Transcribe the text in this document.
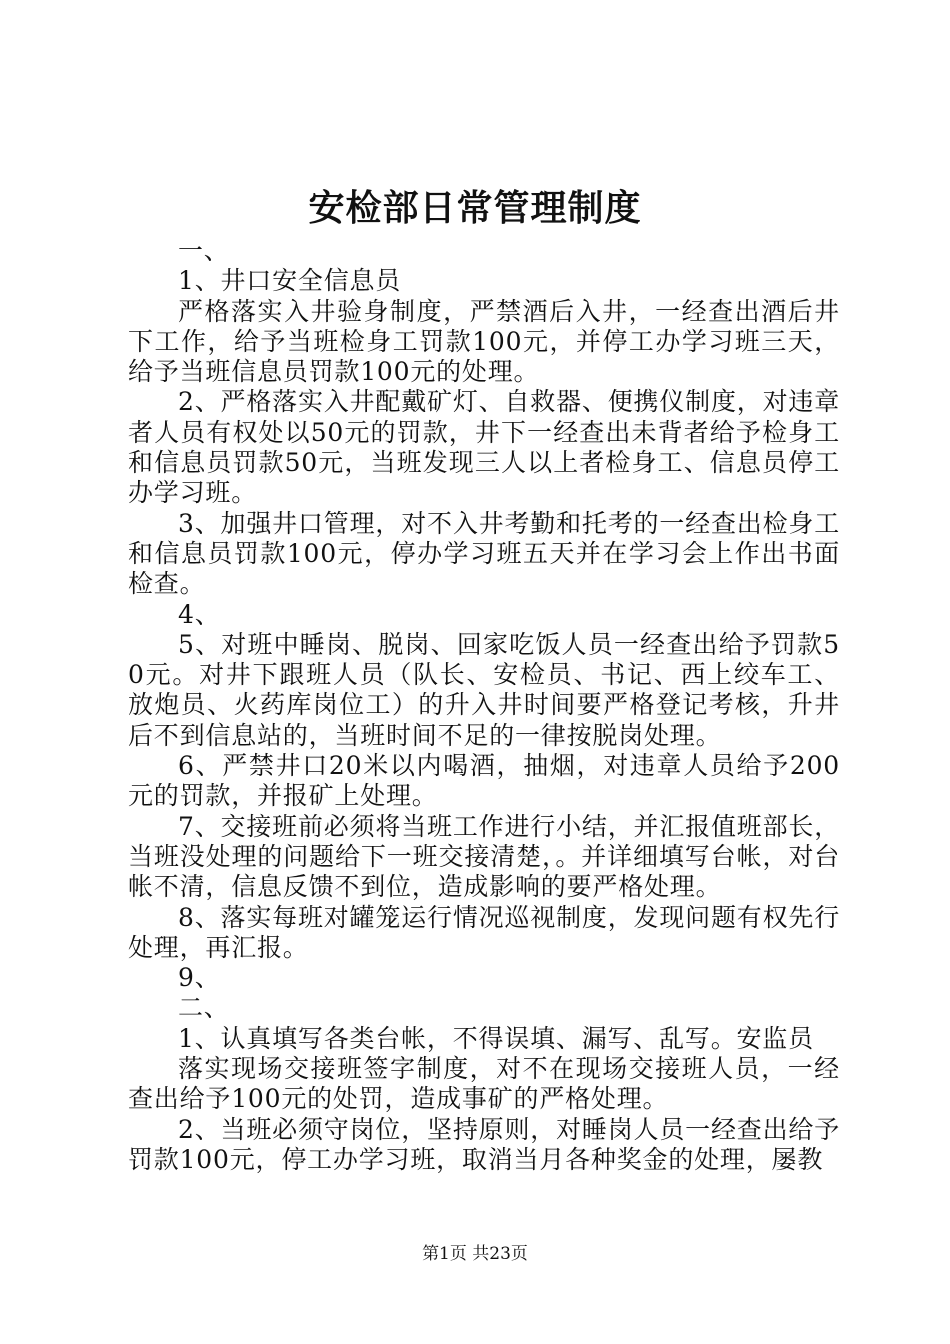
安检部日常管理制度

一、

1、井口安全信息员

严格落实入井验身制度，严禁酒后入井，一经查出酒后井下工作，给予当班检身工罚款100元，并停工办学习班三天，给予当班信息员罚款100元的处理。

2、严格落实入井配戴矿灯、自救器、便携仪制度，对违章者人员有权处以50元的罚款，井下一经查出未背者给予检身工和信息员罚款50元，当班发现三人以上者检身工、信息员停工办学习班。

3、加强井口管理，对不入井考勤和托考的一经查出检身工和信息员罚款100元，停办学习班五天并在学习会上作出书面检查。

4、

5、对班中睡岗、脱岗、回家吃饭人员一经查出给予罚款50元。对井下跟班人员（队长、安检员、书记、西上绞车工、放炮员、火药库岗位工）的升入井时间要严格登记考核，升井后不到信息站的，当班时间不足的一律按脱岗处理。

6、严禁井口20米以内喝酒，抽烟，对违章人员给予200元的罚款，并报矿上处理。

7、交接班前必须将当班工作进行小结，并汇报值班部长，当班没处理的问题给下一班交接清楚，。并详细填写台帐，对台帐不清，信息反馈不到位，造成影响的要严格处理。

8、落实每班对罐笼运行情况巡视制度，发现问题有权先行处理，再汇报。

9、

二、

1、认真填写各类台帐，不得误填、漏写、乱写。安监员

落实现场交接班签字制度，对不在现场交接班人员，一经查出给予100元的处罚，造成事矿的严格处理。

2、当班必须守岗位，坚持原则，对睡岗人员一经查出给予罚款100元，停工办学习班，取消当月各种奖金的处理，屡教

第1页 共23页
